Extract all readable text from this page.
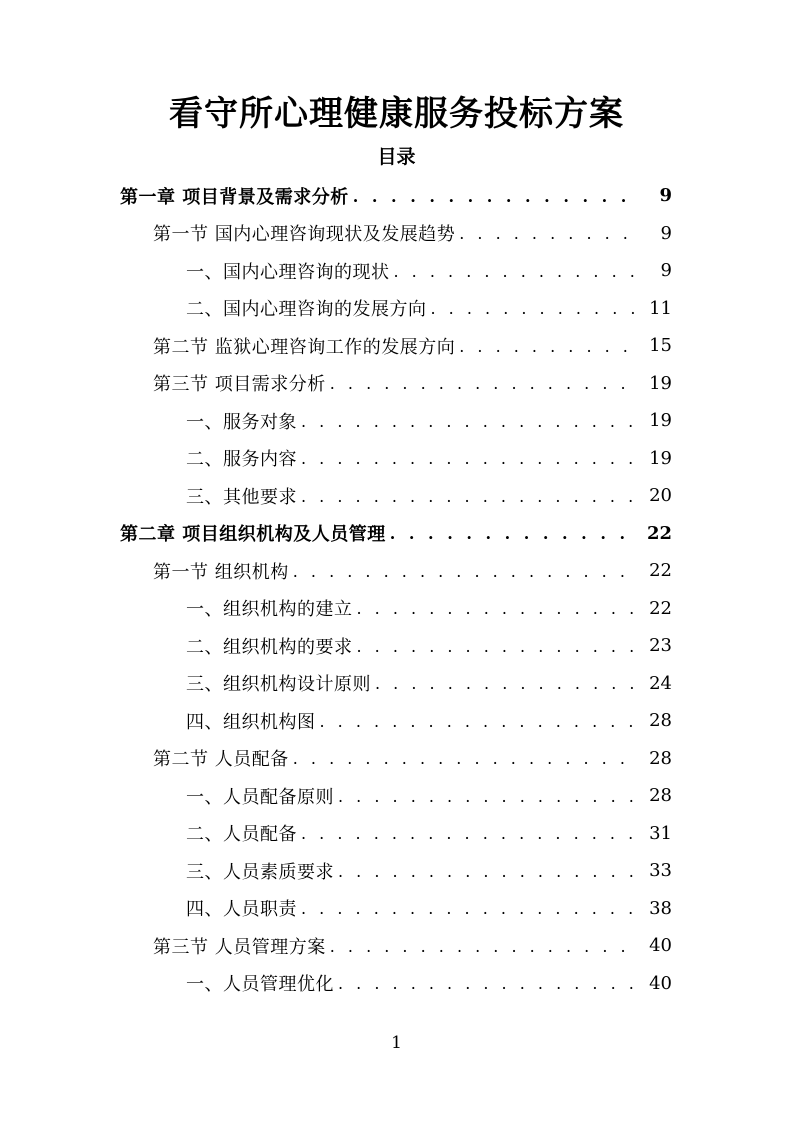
看守所心理健康服务投标方案
目录
第一章 项目背景及需求分析 . . .	9
第一节 国内心理咨询现状及发展趋势 . . .	9
一、国内心理咨询的现状 . . .	9
二、国内心理咨询的发展方向 . . .	11
第二节 监狱心理咨询工作的发展方向 . . .	15
第三节 项目需求分析 . . .	19
一、服务对象 . . .	19
二、服务内容 . . .	19
三、其他要求 . . .	20
第二章 项目组织机构及人员管理 . . .	22
第一节 组织机构 . . .	22
一、组织机构的建立 . . .	22
二、组织机构的要求 . . .	23
三、组织机构设计原则 . . .	24
四、组织机构图 . . .	28
第二节 人员配备 . . .	28
一、人员配备原则 . . .	28
二、人员配备 . . .	31
三、人员素质要求 . . .	33
四、人员职责 . . .	38
第三节 人员管理方案 . . .	40
一、人员管理优化 . . .	40
1
